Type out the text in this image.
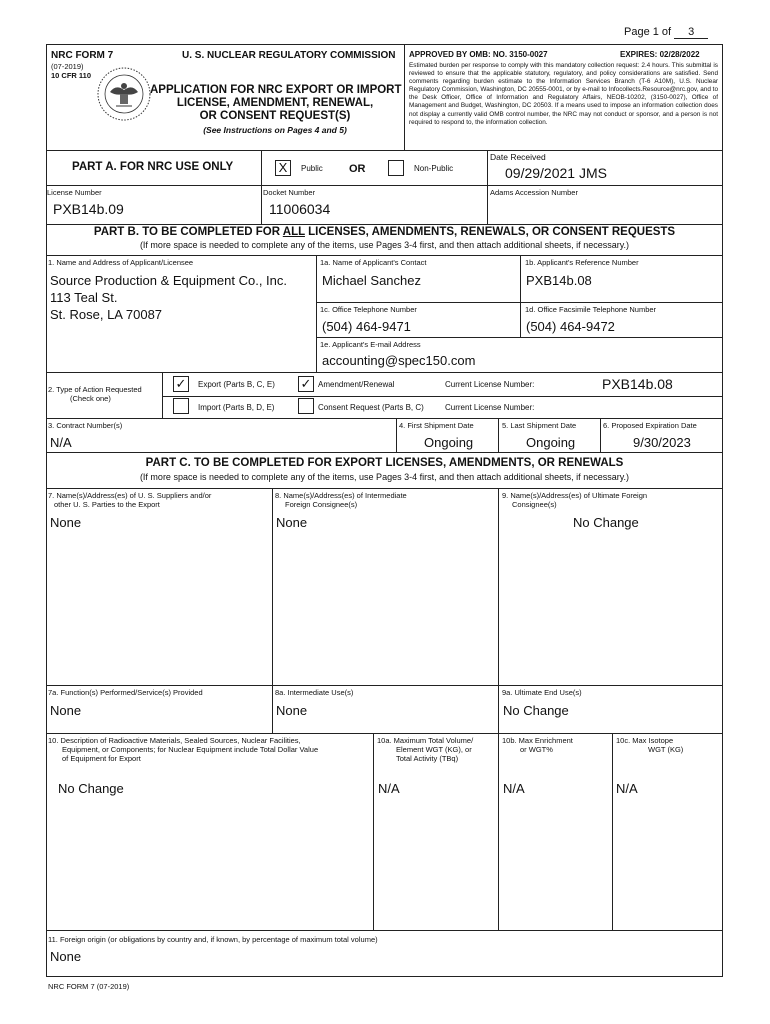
Page 1 of 3
NRC FORM 7
(07-2019)
10 CFR 110
U. S. NUCLEAR REGULATORY COMMISSION
APPLICATION FOR NRC EXPORT OR IMPORT
LICENSE, AMENDMENT, RENEWAL,
OR CONSENT REQUEST(S)
(See Instructions on Pages 4 and 5)
APPROVED BY OMB: NO. 3150-0027	EXPIRES: 02/28/2022
Estimated burden per response to comply with this mandatory collection request: 2.4 hours. This submittal is reviewed to ensure that the applicable statutory, regulatory, and policy considerations are satisfied. Send comments regarding burden estimate to the Information Services Branch (T-6 A10M), U.S. Nuclear Regulatory Commission, Washington, DC 20555-0001, or by e-mail to Infocollects.Resource@nrc.gov, and to the Desk Officer, Office of Information and Regulatory Affairs, NEOB-10202, (3150-0027), Office of Management and Budget, Washington, DC 20503. If a means used to impose an information collection does not display a currently valid OMB control number, the NRC may not conduct or sponsor, and a person is not required to respond to, the information collection.
PART A. FOR NRC USE ONLY	X	Public OR	Non-Public
Date Received
09/29/2021 JMS
License Number
PXB14b.09
Docket Number
11006034
Adams Accession Number
PART B. TO BE COMPLETED FOR ALL LICENSES, AMENDMENTS, RENEWALS, OR CONSENT REQUESTS
(If more space is needed to complete any of the items, use Pages 3-4 first, and then attach additional sheets, if necessary.)
1. Name and Address of Applicant/Licensee
Source Production & Equipment Co., Inc.
113 Teal St.
St. Rose, LA 70087
1a. Name of Applicant's Contact
Michael Sanchez
1b. Applicant's Reference Number
PXB14b.08
1c. Office Telephone Number
(504) 464-9471
1d. Office Facsimile Telephone Number
(504) 464-9472
1e. Applicant's E-mail Address
accounting@spec150.com
2. Type of Action Requested
(Check one)
✓	Export (Parts B, C, E) ✓ Amendment/Renewal	Current License Number:	PXB14b.08
Import (Parts B, D, E)	Consent Request (Parts B, C)	Current License Number:
3. Contract Number(s)
N/A
4. First Shipment Date
Ongoing
5. Last Shipment Date
Ongoing
6. Proposed Expiration Date
9/30/2023
PART C. TO BE COMPLETED FOR EXPORT LICENSES, AMENDMENTS, OR RENEWALS
(If more space is needed to complete any of the items, use Pages 3-4 first, and then attach additional sheets, if necessary.)
7. Name(s)/Address(es) of U. S. Suppliers and/or
other U. S. Parties to the Export
None
8. Name(s)/Address(es) of Intermediate
Foreign Consignee(s)
None
9. Name(s)/Address(es) of Ultimate Foreign
Consignee(s)
No Change
7a. Function(s) Performed/Service(s) Provided
None
8a. Intermediate Use(s)
None
9a. Ultimate End Use(s)
No Change
10. Description of Radioactive Materials, Sealed Sources, Nuclear Facilities,
Equipment, or Components; for Nuclear Equipment include Total Dollar Value
of Equipment for Export
No Change
10a. Maximum Total Volume/
Element WGT (KG), or
Total Activity (TBq)
N/A
10b. Max Enrichment
or WGT%
N/A
10c. Max Isotope
WGT (KG)
N/A
11. Foreign origin (or obligations by country and, if known, by percentage of maximum total volume)
None
NRC FORM 7 (07-2019)
